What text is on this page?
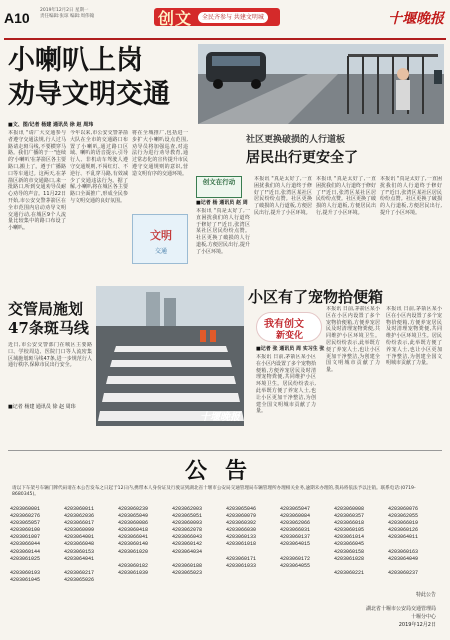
A10 2019年12月2日 星期一
责任编辑:张琼 编辑:周伟翰	创文	全民齐参与 共建文明城	十堰晚报
小喇叭上岗
劝导文明交通
■文、图/记者 杨建 通讯员 徐 赵 周玮
本报讯 "请广大交通参与者遵守交通法规,行人过马路请走斑马线,不要横穿马路。我们广播的于一"连续的'小喇叭'在茅箭区各主要路口,搬上了。遵于广播路口等车通过。这两天,在茅箭区新的市交通路口,来一批路口,听到交通劝导员耐心劝导的声音。11月22日开始,市公安交警茅箭区在全市范围内启动劝导文明交通行动,在城区9个人流量比较集中的路口布设了小喇叭。
今年以来,市公安交警茅箭大队在全市的交通路口布置了小喇叭,通过路口区域、喇叭的语音提示,引导行人、非机动车驾驶人遵守交通规则,不闯红灯、不逆行、不乱穿马路,有效减少了交通违法行为。据了解,小喇叭将在城区各主要路口全面推广,形成全民参与文明交通的良好氛围。
将在全城推广,包括进一步扩大小喇叭设点范围,劝导员将加强巡查,对违法行为进行劝导教育,通过常态化的宣传提升市民遵守交通规则的意识,营造文明有序的交通环境。
文明
交通
社区更换破损的人行道板
居民出行更安全了
创文在行动
■记者 杨 通讯员 赵 周
本报讯 "真是太好了,一直困扰我们的人行道终于修好了!"近日,张湾区某社区居民纷纷点赞。社区更换了破损的人行道板,方便居民出行,提升了小区环境。
本报讯 "真是太好了,一直困扰我们的人行道终于修好了!"近日,张湾区某社区居民纷纷点赞。社区更换了破损的人行道板,方便居民出行,提升了小区环境。
本报讯 "真是太好了,一直困扰我们的人行道终于修好了!"近日,张湾区某社区居民纷纷点赞。社区更换了破损的人行道板,方便居民出行,提升了小区环境。
本报讯 "真是太好了,一直困扰我们的人行道终于修好了!"近日,张湾区某社区居民纷纷点赞。社区更换了破损的人行道板,方便居民出行,提升了小区环境。
交管局施划
47条斑马线
近日,市公安交警部门在城区主要路口、学校周边、医院门口等人流密集区域施划斑马线47条,进一步规范行人通行秩序,保障市民出行安全。
■记者 杨建 通讯员 徐 赵 周玮
十堰晚报
小区有了宠物拾便箱
我有创文
新变化
■记者 张 通讯员 周 实习生 张
本报讯 日前,茅箭区某小区在小区内设置了多个宠物拾便箱,方便养宠居民及时清理宠物粪便,共同维护小区环境卫生。居民纷纷表示,此举既方便了养宠人士,也让小区更加干净整洁,为创建全国文明城市贡献了力量。
本报讯 日前,茅箭区某小区在小区内设置了多个宠物拾便箱,方便养宠居民及时清理宠物粪便,共同维护小区环境卫生。居民纷纷表示,此举既方便了养宠人士,也让小区更加干净整洁,为创建全国文明城市贡献了力量。
本报讯 日前,茅箭区某小区在小区内设置了多个宠物拾便箱,方便养宠居民及时清理宠物粪便,共同维护小区环境卫生。居民纷纷表示,此举既方便了养宠人士,也让小区更加干净整洁,为创建全国文明城市贡献了力量。
公告
请以下车架号车辆门牌代码请在本公告发布之日起于12日内,携带本人身份证及行驶证到湖北省十堰市公安局交通管理局车辆管理所办理相关业务,逾期未办理的,我局将依法予以注销。联系电话:(0719-8680345)。
4203060001	4203060011	4203060239	4203062003	4203065046	4203065047	4203060008	4203060076
4203060276	4203062036	4203065049	4203065051	4203060079	4203060084	4203060357	4203062055
4203065057	4203066017	4203060086	4203060093	4203060392	4203062066	4203066018	4203066019
4203060100	4203060099	4203060418	4203062078	4203066030	4203066031	4203060105	4203060126
4203061007	4203064001	4203066041	4203066043	4203060133	4203060137	4203061014	4203064011
4203066044	4203066048	4203060140	4203060142	4203061018	4203064015	4203066045
4203060144	4203060153	4203061020	4203064034	4203060158	4203060163
4203061025	4203064041	4203060171	4203060172	4203061028	4203064049
4203060182	4203060188	4203061033	4203064055
4203060193	4203060217	4203061039	4203065023	4203060221	4203060237
4203061045	4203065026
特此公告
湖北省十堰市公安局交通管理局
十堰分中心
2019年12月2日
